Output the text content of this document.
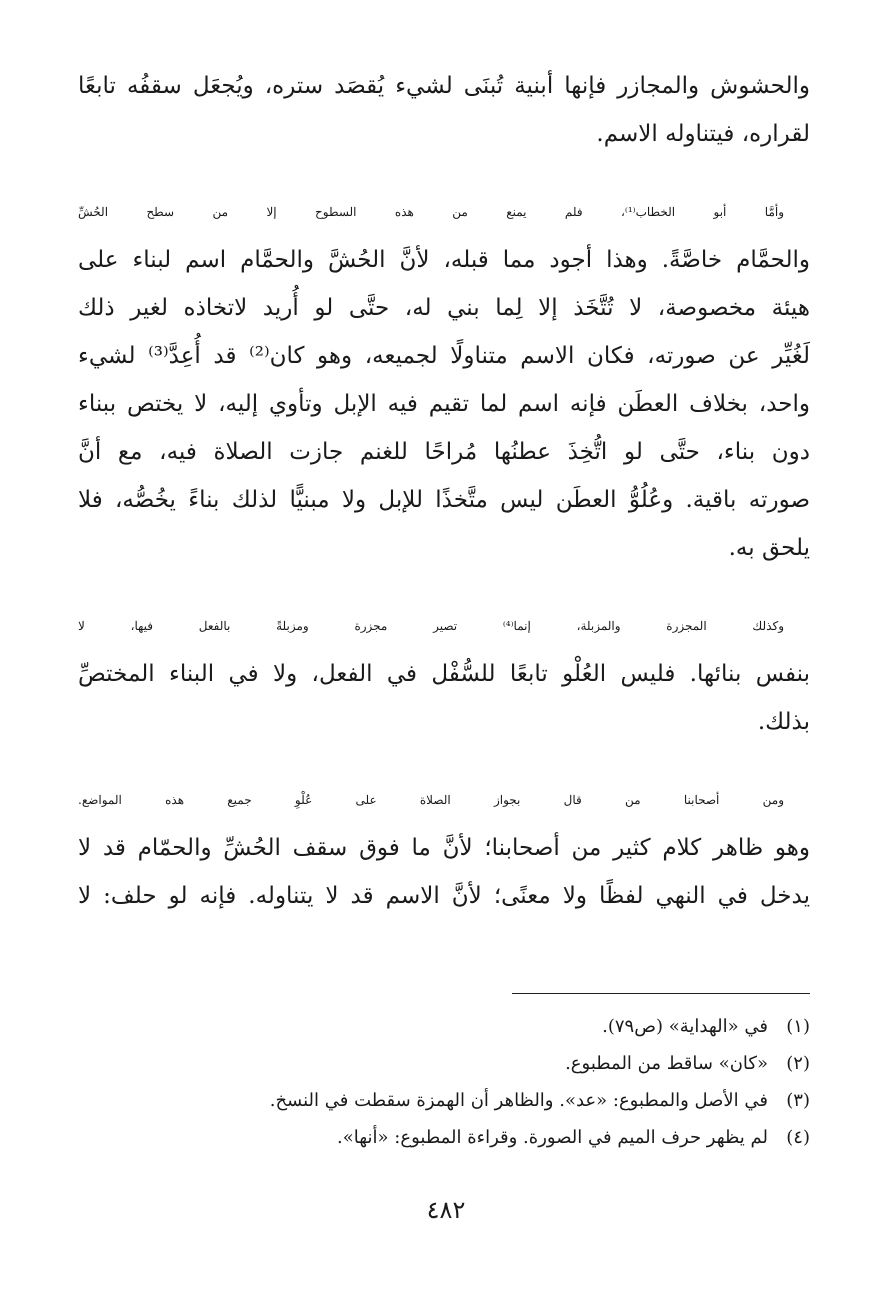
والحشوش والمجازر فإنها أبنية تُبنَى لشيء يُقصَد ستره، ويُجعَل سقفُه تابعًا
لقراره، فيتناوله الاسم.
وأمَّا أبو الخطاب⁽¹⁾، فلم يمنع من هذه السطوح إلا من سطح الحُشِّ
والحمَّام خاصَّةً. وهذا أجود مما قبله، لأنَّ الحُشَّ والحمَّام اسم لبناء على
هيئة مخصوصة، لا تُتَّخَذ إلا لِما بني له، حتَّى لو أُريد لاتخاذه لغير ذلك
لَغُيِّر عن صورته، فكان الاسم متناولًا لجميعه، وهو كان⁽²⁾ قد أُعِدَّ⁽³⁾ لشيء
واحد، بخلاف العطَن فإنه اسم لما تقيم فيه الإبل وتأوي إليه، لا يختص ببناء
دون بناء، حتَّى لو اتُّخِذَ عطنُها مُراحًا للغنم جازت الصلاة فيه، مع أنَّ
صورته باقية. وعُلُوُّ العطَن ليس متَّخذًا للإبل ولا مبنيًّا لذلك بناءً يخُصُّه، فلا
يلحق به.
وكذلك المجزرة والمزبلة، إنما⁽⁴⁾ تصير مجزرة ومزبلةً بالفعل فيها، لا
بنفس بنائها. فليس العُلْو تابعًا للسُّفْل في الفعل، ولا في البناء المختصِّ
بذلك.
ومن أصحابنا من قال بجواز الصلاة على عُلْوِ جميع هذه المواضع.
وهو ظاهر كلام كثير من أصحابنا؛ لأنَّ ما فوق سقف الحُشِّ والحمّام قد لا
يدخل في النهي لفظًا ولا معنًى؛ لأنَّ الاسم قد لا يتناوله. فإنه لو حلف: لا
(١)
في «الهداية» (ص٧٩).
(٢)
«كان» ساقط من المطبوع.
(٣)
في الأصل والمطبوع: «عد». والظاهر أن الهمزة سقطت في النسخ.
(٤)
لم يظهر حرف الميم في الصورة. وقراءة المطبوع: «أنها».
٤٨٢
